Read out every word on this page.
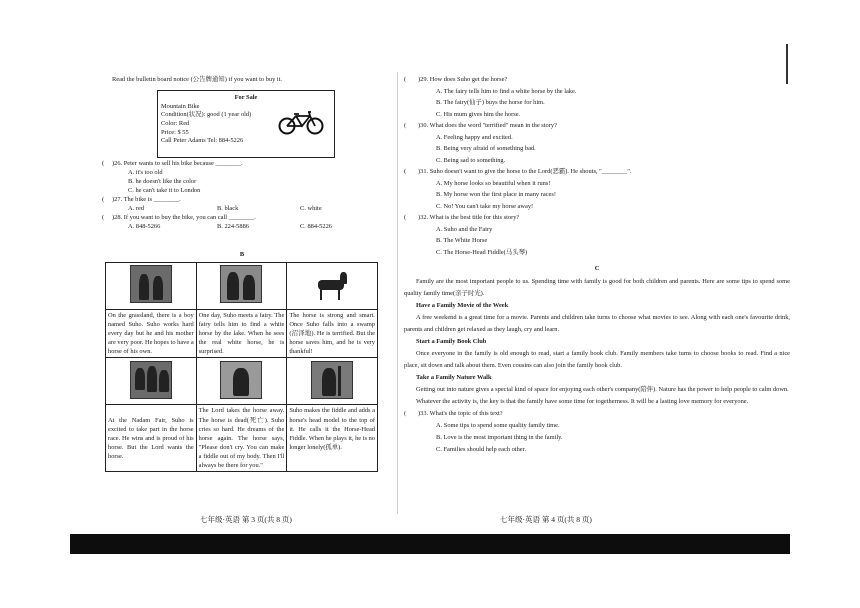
Read the bulletin board notice (公告牌通知) if you want to buy it.
For Sale
Mountain Bike
Condition(状况): good (1 year old)
Color: Red
Price: $ 55
Call Peter Adams Tel: 884-5226
( )26. Peter wants to sell his bike because ________.
A. it's too old
B. he doesn't like the color
C. he can't take it to London
( )27. The bike is ________.
A. red	B. black	C. white
( )28. If you want to buy the bike, you can call ________.
A. 848-5266	B. 224-5886	C. 884-5226
B

On the grassland, there is a boy named Suho. Suho works hard every day but he and his mother are very poor. He hopes to have a horse of his own.	One day, Suho meets a fairy. The fairy tells him to find a white horse by the lake. When he sees the real white horse, he is surprised.	The horse is strong and smart. Once Suho falls into a swamp (沼泽地). He is terrified. But the horse saves him, and he is very thankful!

At the Nadam Fair, Suho is excited to take part in the horse race. He wins and is proud of his horse. But the Lord wants the horse.	The Lord takes the horse away. The horse is dead(死亡). Suho cries so hard. He dreams of the horse again. The horse says, "Please don't cry. You can make a fiddle out of my body. Then I'll always be there for you."	Suho makes the fiddle and adds a horse's head model to the top of it. He calls it the Horse-Head Fiddle. When he plays it, he is no longer lonely(孤单).
七年级·英语 第 3 页(共 8 页)
( )29. How does Suho get the horse?
A. The fairy tells him to find a white horse by the lake.
B. The fairy(仙子) buys the horse for him.
C. His mum gives him the horse.
( )30. What does the word "terrified" mean in the story?
A. Feeling happy and excited.
B. Being very afraid of something bad.
C. Being sad to something.
( )31. Suho doesn't want to give the horse to the Lord(恶霸). He shouts, "________".
A. My horse looks so beautiful when it runs!
B. My horse won the first place in many races!
C. No! You can't take my horse away!
( )32. What is the best title for this story?
A. Suho and the Fairy
B. The White Horse
C. The Horse-Head Fiddle(马头琴)
C
Family are the most important people to us. Spending time with family is good for both children and parents. Here are some tips to spend some quality family time(亲子时光).
Have a Family Movie of the Week
A free weekend is a great time for a movie. Parents and children take turns to choose what movies to see. Along with each one's favourite drink, parents and children get relaxed as they laugh, cry and learn.
Start a Family Book Club
Once everyone in the family is old enough to read, start a family book club. Family members take turns to choose books to read. Find a nice place, sit down and talk about them. Even cousins can also join the family book club.
Take a Family Nature Walk
Getting out into nature gives a special kind of space for enjoying each other's company(陪伴). Nature has the power to help people to calm down.
Whatever the activity is, the key is that the family have some time for togetherness. It will be a lasting love memory for everyone.
( )33. What's the topic of this text?
A. Some tips to spend some quality family time.
B. Love is the most important thing in the family.
C. Families should help each other.
七年级·英语 第 4 页(共 8 页)
